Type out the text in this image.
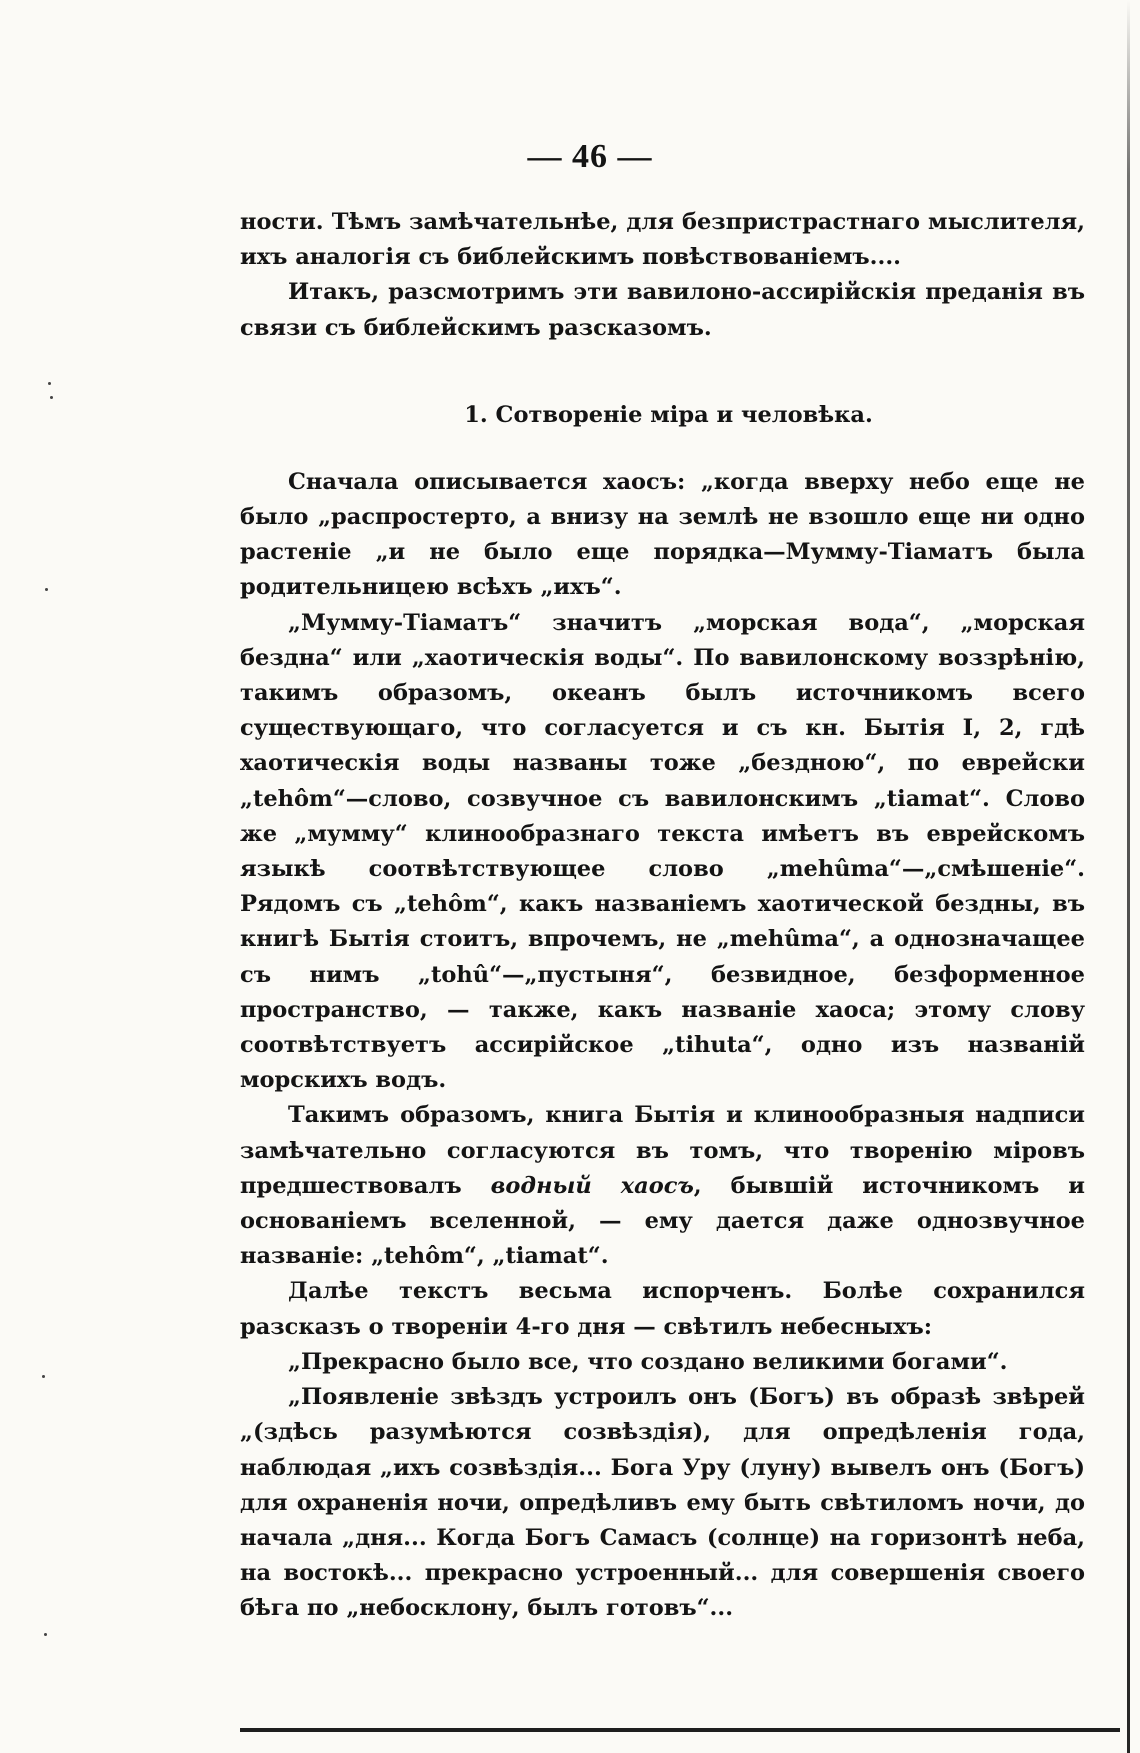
— 46 —

ности. Тѣмъ замѣчательнѣе, для безпристрастнаго мыслителя, ихъ аналогія съ библейскимъ повѣствованіемъ....

Итакъ, разсмотримъ эти вавилоно-ассирійскія преданія въ связи съ библейскимъ разсказомъ.

1. Сотвореніе міра и человѣка.

Сначала описывается хаосъ: „когда вверху небо еще не было „распростерто, а внизу на землѣ не взошло еще ни одно растеніе „и не было еще порядка—Мумму-Тіаматъ была родительницею всѣхъ „ихъ“.

„Мумму-Тіаматъ“ значитъ „морская вода“, „морская бездна“ или „хаотическія воды“. По вавилонскому воззрѣнію, такимъ образомъ, океанъ былъ источникомъ всего существующаго, что согласуется и съ кн. Бытія I, 2, гдѣ хаотическія воды названы тоже „бездною“, по еврейски „tehôm“—слово, созвучное съ вавилонскимъ „tiamat“. Слово же „мумму“ клинообразнаго текста имѣетъ въ еврейскомъ языкѣ соотвѣтствующее слово „mehûma“—„смѣшеніе“. Рядомъ съ „tehôm“, какъ названіемъ хаотической бездны, въ книгѣ Бытія стоитъ, впрочемъ, не „mehûma“, а однозначащее съ нимъ „tohû“—„пустыня“, безвидное, безформенное пространство, — также, какъ названіе хаоса; этому слову соотвѣтствуетъ ассирійское „tihuta“, одно изъ названій морскихъ водъ.

Такимъ образомъ, книга Бытія и клинообразныя надписи замѣчательно согласуются въ томъ, что творенію міровъ предшествовалъ водный хаосъ, бывшій источникомъ и основаніемъ вселенной, — ему дается даже однозвучное названіе: „tehôm“, „tiamat“.

Далѣе текстъ весьма испорченъ. Болѣе сохранился разсказъ о твореніи 4-го дня — свѣтилъ небесныхъ:

„Прекрасно было все, что создано великими богами“.

„Появленіе звѣздъ устроилъ онъ (Богъ) въ образѣ звѣрей „(здѣсь разумѣются созвѣздія), для опредѣленія года, наблюдая „ихъ созвѣздія... Бога Уру (луну) вывелъ онъ (Богъ) для охраненія ночи, опредѣливъ ему быть свѣтиломъ ночи, до начала „дня... Когда Богъ Самасъ (солнце) на горизонтѣ неба, на востокѣ... прекрасно устроенный... для совершенія своего бѣга по „небосклону, былъ готовъ“...
